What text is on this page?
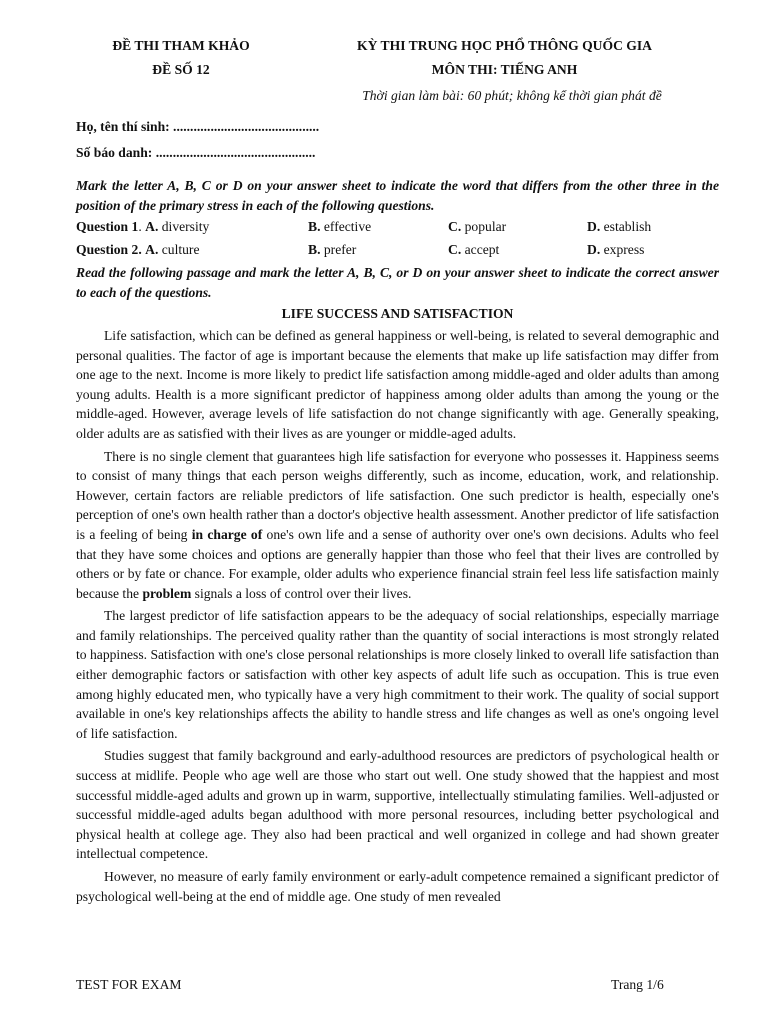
ĐỀ THI THAM KHẢO
ĐỀ SỐ 12
KỲ THI TRUNG HỌC PHỔ THÔNG QUỐC GIA
MÔN THI: TIẾNG ANH
Thời gian làm bài: 60 phút; không kể thời gian phát đề
Họ, tên thí sinh: ...........................................
Số báo danh: ...............................................

Mark the letter A, B, C or D on your answer sheet to indicate the word that differs from the other three in the position of the primary stress in each of the following questions.

Question 1. A. diversity	B. effective	C. popular	D. establish
Question 2. A. culture	B. prefer	C. accept	D. express

Read the following passage and mark the letter A, B, C, or D on your answer sheet to indicate the correct answer to each of the questions.

LIFE SUCCESS AND SATISFACTION

Life satisfaction, which can be defined as general happiness or well-being, is related to several demographic and personal qualities. The factor of age is important because the elements that make up life satisfaction may differ from one age to the next. Income is more likely to predict life satisfaction among middle-aged and older adults than among young adults. Health is a more significant predictor of happiness among older adults than among the young or the middle-aged. However, average levels of life satisfaction do not change significantly with age. Generally speaking, older adults are as satisfied with their lives as are younger or middle-aged adults.

There is no single clement that guarantees high life satisfaction for everyone who possesses it. Happiness seems to consist of many things that each person weighs differently, such as income, education, work, and relationship. However, certain factors are reliable predictors of life satisfaction. One such predictor is health, especially one's perception of one's own health rather than a doctor's objective health assessment. Another predictor of life satisfaction is a feeling of being in charge of one's own life and a sense of authority over one's own decisions. Adults who feel that they have some choices and options are generally happier than those who feel that their lives are controlled by others or by fate or chance. For example, older adults who experience financial strain feel less life satisfaction mainly because the problem signals a loss of control over their lives.

The largest predictor of life satisfaction appears to be the adequacy of social relationships, especially marriage and family relationships. The perceived quality rather than the quantity of social interactions is most strongly related to happiness. Satisfaction with one's close personal relationships is more closely linked to overall life satisfaction than either demographic factors or satisfaction with other key aspects of adult life such as occupation. This is true even among highly educated men, who typically have a very high commitment to their work. The quality of social support available in one's key relationships affects the ability to handle stress and life changes as well as one's ongoing level of life satisfaction.

Studies suggest that family background and early-adulthood resources are predictors of psychological health or success at midlife. People who age well are those who start out well. One study showed that the happiest and most successful middle-aged adults and grown up in warm, supportive, intellectually stimulating families. Well-adjusted or successful middle-aged adults began adulthood with more personal resources, including better psychological and physical health at college age. They also had been practical and well organized in college and had shown greater intellectual competence.

However, no measure of early family environment or early-adult competence remained a significant predictor of psychological well-being at the end of middle age. One study of men revealed

TEST FOR EXAM	Trang 1/6
